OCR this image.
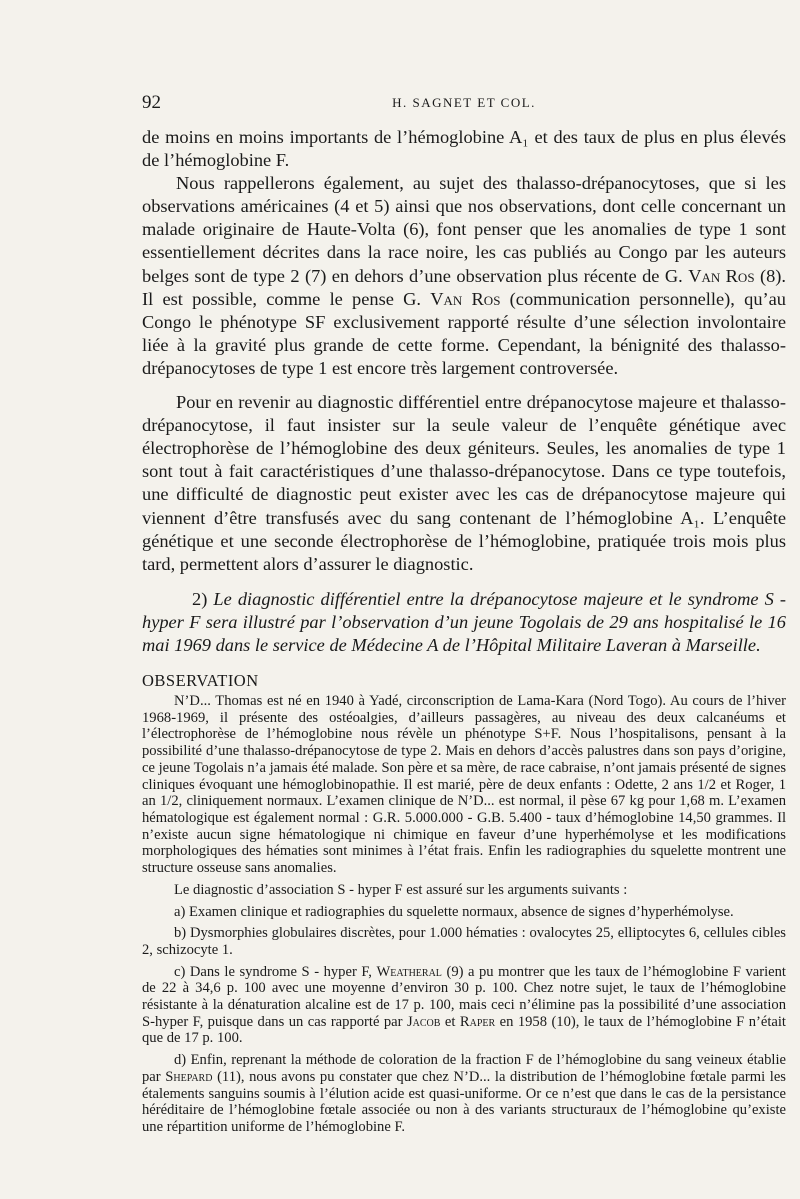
92	H. SAGNET ET COL.

de moins en moins importants de l’hémoglobine A₁ et des taux de plus en plus élevés de l’hémoglobine F.

Nous rappellerons également, au sujet des thalasso-drépanocytoses, que si les observations américaines (4 et 5) ainsi que nos observations, dont celle concernant un malade originaire de Haute-Volta (6), font penser que les anomalies de type 1 sont essentiellement décrites dans la race noire, les cas publiés au Congo par les auteurs belges sont de type 2 (7) en dehors d’une observation plus récente de G. Van Ros (8). Il est possible, comme le pense G. Van Ros (communication personnelle), qu’au Congo le phénotype SF exclusivement rapporté résulte d’une sélection involontaire liée à la gravité plus grande de cette forme. Cependant, la bénignité des thalasso-drépanocytoses de type 1 est encore très largement controversée.

Pour en revenir au diagnostic différentiel entre drépanocytose majeure et thalasso-drépanocytose, il faut insister sur la seule valeur de l’enquête génétique avec électrophorèse de l’hémoglobine des deux géniteurs. Seules, les anomalies de type 1 sont tout à fait caractéristiques d’une thalasso-drépanocytose. Dans ce type toutefois, une difficulté de diagnostic peut exister avec les cas de drépanocytose majeure qui viennent d’être transfusés avec du sang contenant de l’hémoglobine A₁. L’enquête génétique et une seconde électrophorèse de l’hémoglobine, pratiquée trois mois plus tard, permettent alors d’assurer le diagnostic.

2) Le diagnostic différentiel entre la drépanocytose majeure et le syndrome S - hyper F sera illustré par l’observation d’un jeune Togolais de 29 ans hospitalisé le 16 mai 1969 dans le service de Médecine A de l’Hôpital Militaire Laveran à Marseille.

OBSERVATION

N’D... Thomas est né en 1940 à Yadé, circonscription de Lama-Kara (Nord Togo). Au cours de l’hiver 1968-1969, il présente des ostéoalgies, d’ailleurs passagères, au niveau des deux calcanéums et l’électrophorèse de l’hémoglobine nous révèle un phénotype S+F. Nous l’hospitalisons, pensant à la possibilité d’une thalasso-drépanocytose de type 2. Mais en dehors d’accès palustres dans son pays d’origine, ce jeune Togolais n’a jamais été malade. Son père et sa mère, de race cabraise, n’ont jamais présenté de signes cliniques évoquant une hémoglobinopathie. Il est marié, père de deux enfants : Odette, 2 ans 1/2 et Roger, 1 an 1/2, cliniquement normaux. L’examen clinique de N’D... est normal, il pèse 67 kg pour 1,68 m. L’examen hématologique est également normal : G.R. 5.000.000 - G.B. 5.400 - taux d’hémoglobine 14,50 grammes. Il n’existe aucun signe hématologique ni chimique en faveur d’une hyperhémolyse et les modifications morphologiques des hématies sont minimes à l’état frais. Enfin les radiographies du squelette montrent une structure osseuse sans anomalies.

Le diagnostic d’association S - hyper F est assuré sur les arguments suivants :

a) Examen clinique et radiographies du squelette normaux, absence de signes d’hyperhémolyse.

b) Dysmorphies globulaires discrètes, pour 1.000 hématies : ovalocytes 25, elliptocytes 6, cellules cibles 2, schizocyte 1.

c) Dans le syndrome S - hyper F, Weatheral (9) a pu montrer que les taux de l’hémoglobine F varient de 22 à 34,6 p. 100 avec une moyenne d’environ 30 p. 100. Chez notre sujet, le taux de l’hémoglobine résistante à la dénaturation alcaline est de 17 p. 100, mais ceci n’élimine pas la possibilité d’une association S-hyper F, puisque dans un cas rapporté par Jacob et Raper en 1958 (10), le taux de l’hémoglobine F n’était que de 17 p. 100.

d) Enfin, reprenant la méthode de coloration de la fraction F de l’hémoglobine du sang veineux établie par Shepard (11), nous avons pu constater que chez N’D... la distribution de l’hémoglobine fœtale parmi les étalements sanguins soumis à l’élution acide est quasi-uniforme. Or ce n’est que dans le cas de la persistance héréditaire de l’hémoglobine fœtale associée ou non à des variants structuraux de l’hémoglobine qu’existe une répartition uniforme de l’hémoglobine F.
